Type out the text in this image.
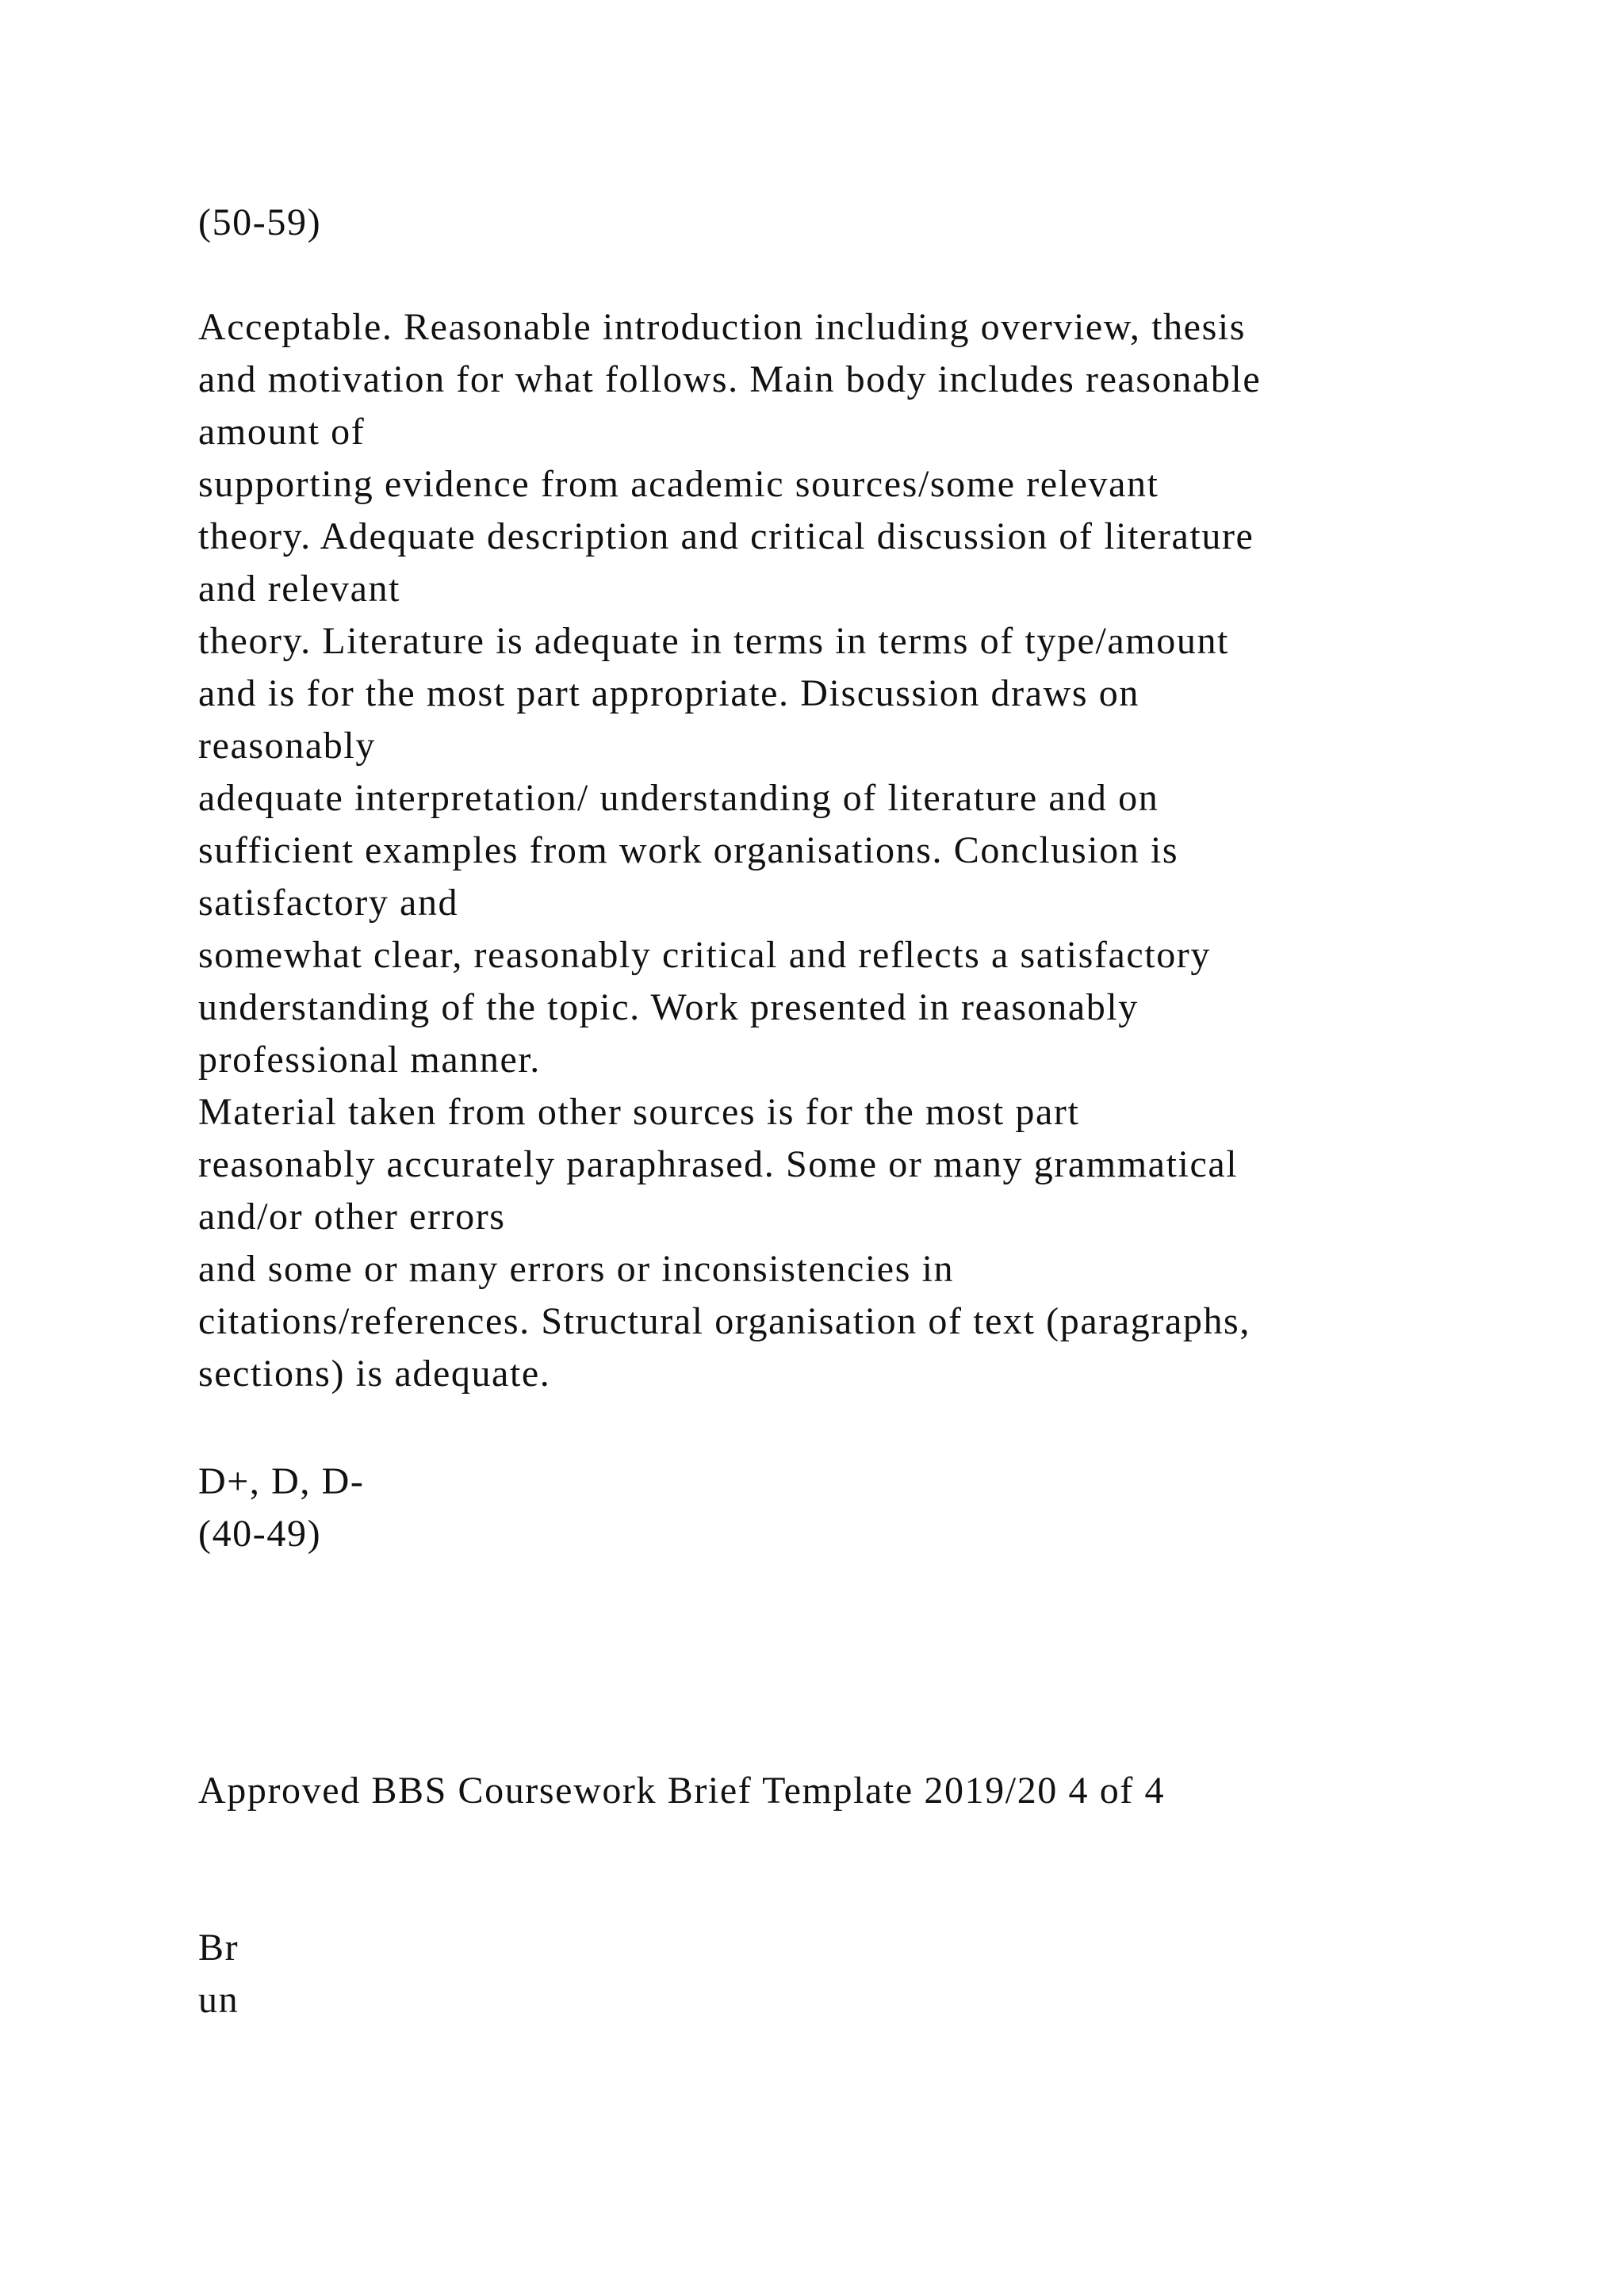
(50-59)
Acceptable. Reasonable introduction including overview, thesis
and motivation for what follows. Main body includes reasonable
amount of
supporting evidence from academic sources/some relevant
theory. Adequate description and critical discussion of literature
and relevant
theory. Literature is adequate in terms in terms of type/amount
and is for the most part appropriate. Discussion draws on
reasonably
adequate interpretation/ understanding of literature and on
sufficient examples from work organisations. Conclusion is
satisfactory and
somewhat clear, reasonably critical and reflects a satisfactory
understanding of the topic. Work presented in reasonably
professional manner.
Material taken from other sources is for the most part
reasonably accurately paraphrased. Some or many grammatical
and/or other errors
and some or many errors or inconsistencies in
citations/references. Structural organisation of text (paragraphs,
sections) is adequate.
D+, D, D-
(40-49)
Approved BBS Coursework Brief Template 2019/20 4 of 4
Br
un
